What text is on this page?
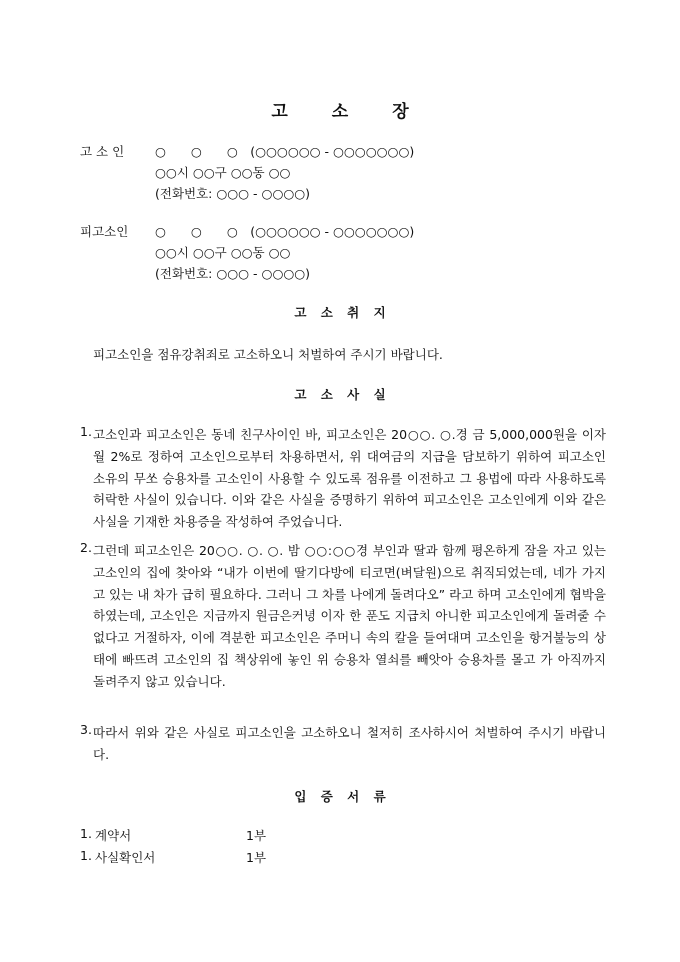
고	소	장
고 소 인 ○　　○　　○　(○○○○○○ - ○○○○○○○)
○○시 ○○구 ○○동 ○○
(전화번호: ○○○ - ○○○○)
피고소인 ○　　○　　○　(○○○○○○ - ○○○○○○○)
○○시 ○○구 ○○동 ○○
(전화번호: ○○○ - ○○○○)
고 소 취 지
피고소인을 점유강취죄로 고소하오니 처벌하여 주시기 바랍니다.
고 소 사 실
1. 고소인과 피고소인은 동네 친구사이인 바, 피고소인은 20○○. ○.경 금 5,000,000원을 이자 월 2%로 정하여 고소인으로부터 차용하면서, 위 대여금의 지급을 담보하기 위하여 피고소인 소유의 무쏘 승용차를 고소인이 사용할 수 있도록 점유를 이전하고 그 용법에 따라 사용하도록 허락한 사실이 있습니다. 이와 같은 사실을 증명하기 위하여 피고소인은 고소인에게 이와 같은 사실을 기재한 차용증을 작성하여 주었습니다.
2. 그런데 피고소인은 20○○. ○. ○. 밤 ○○:○○경 부인과 딸과 함께 평온하게 잠을 자고 있는 고소인의 집에 찾아와 “내가 이번에 딸기다방에 티코면(벼달원)으로 취직되었는데, 네가 가지고 있는 내 차가 급히 필요하다. 그러니 그 차를 나에게 돌려다오” 라고 하며 고소인에게 협박을 하였는데, 고소인은 지금까지 원금은커녕 이자 한 푼도 지급치 아니한 피고소인에게 돌려줄 수 없다고 거절하자, 이에 격분한 피고소인은 주머니 속의 칼을 들여대며 고소인을 항거불능의 상태에 빠뜨려 고소인의 집 책상위에 놓인 위 승용차 열쇠를 빼앗아 승용차를 몰고 가 아직까지 돌려주지 않고 있습니다.
3. 따라서 위와 같은 사실로 피고소인을 고소하오니 철저히 조사하시어 처벌하여 주시기 바랍니다.
입 증 서 류
1. 계약서	1부
1. 사실확인서	1부
